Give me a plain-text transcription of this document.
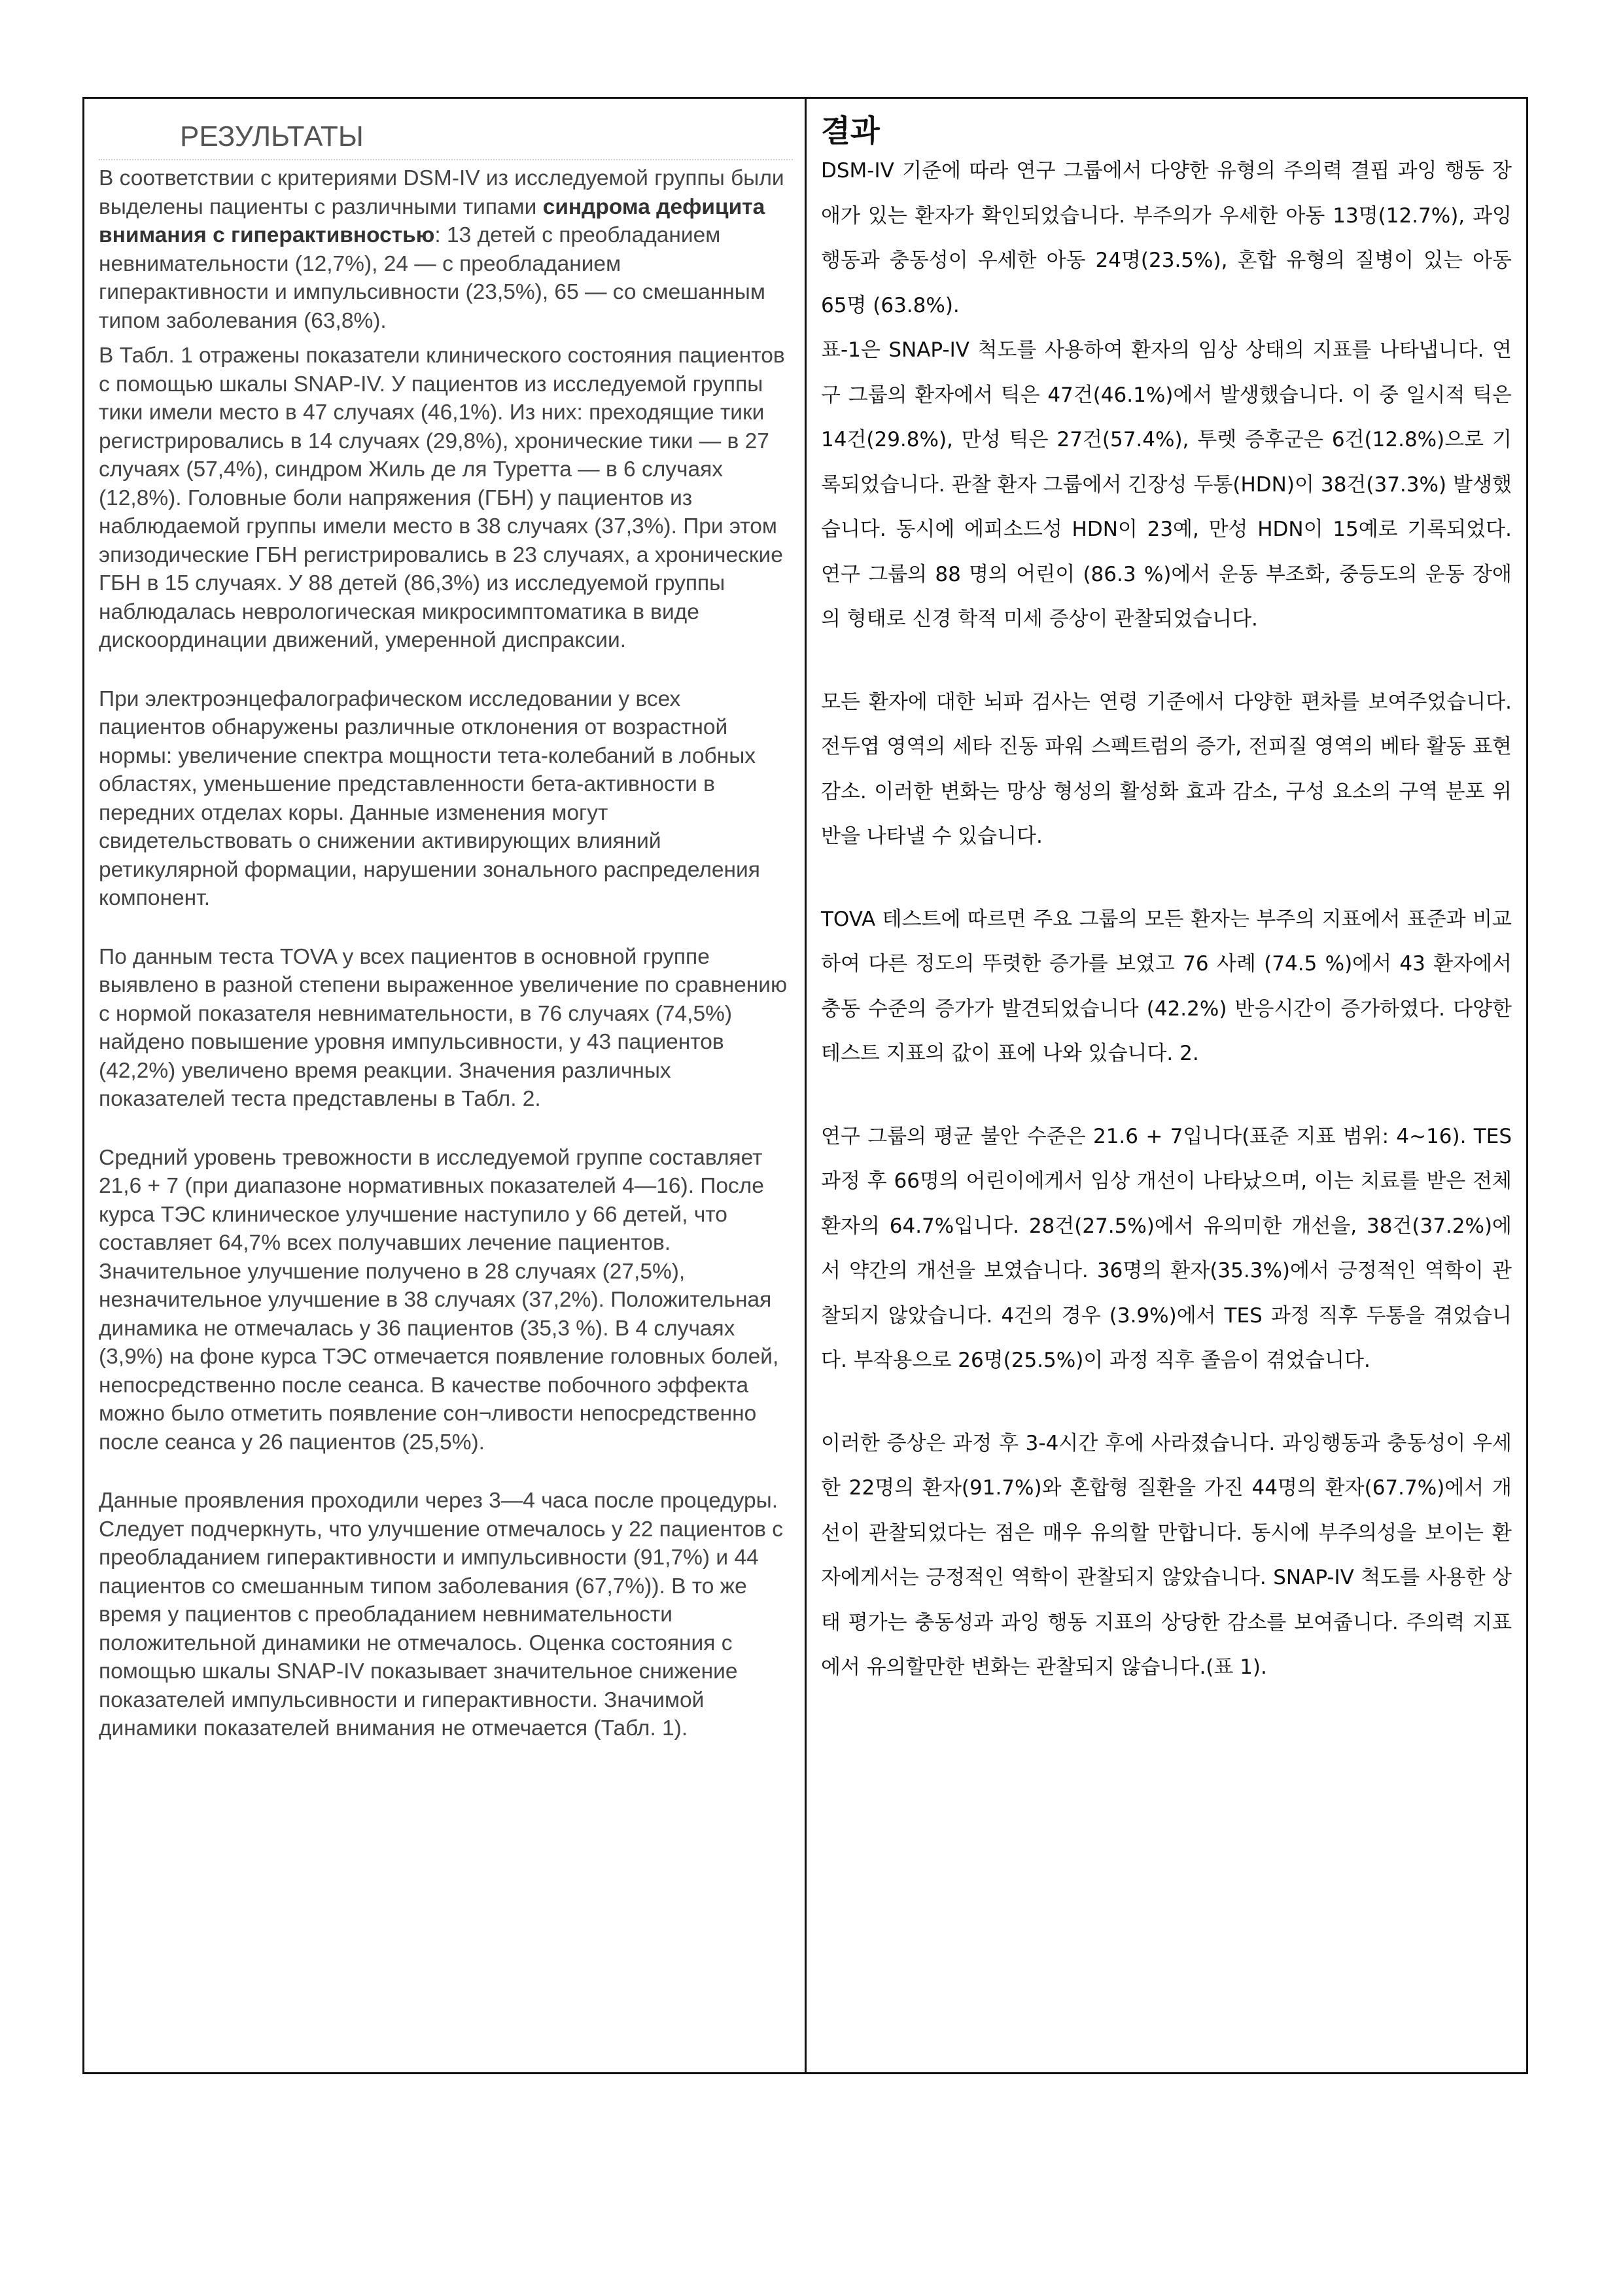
РЕЗУЛЬТАТЫ

В соответствии с критериями DSM-IV из исследуемой группы были выделены пациенты с различными типами синдрома дефицита внимания с гиперактивностью: 13 детей с преобладанием невнимательности (12,7%), 24 — с преобладанием гиперактивности и импульсивности (23,5%), 65 — со смешанным типом заболевания (63,8%).

В Табл. 1 отражены показатели клинического состояния пациентов с помощью шкалы SNAP-IV. У пациентов из исследуемой группы тики имели место в 47 случаях (46,1%). Из них: преходящие тики регистрировались в 14 случаях (29,8%), хронические тики — в 27 случаях (57,4%), синдром Жиль де ля Туретта — в 6 случаях (12,8%). Головные боли напряжения (ГБН) у пациентов из наблюдаемой группы имели место в 38 случаях (37,3%). При этом эпизодические ГБН регистрировались в 23 случаях, а хронические ГБН в 15 случаях. У 88 детей (86,3%) из исследуемой группы наблюдалась неврологическая микросимптоматика в виде дискоординации движений, умеренной диспраксии.

При электроэнцефалографическом исследовании у всех пациентов обнаружены различные отклонения от возрастной нормы: увеличение спектра мощности тета-колебаний в лобных областях, уменьшение представленности бета-активности в передних отделах коры. Данные изменения могут свидетельствовать о снижении активирующих влияний ретикулярной формации, нарушении зонального распределения компонент.

По данным теста TOVA у всех пациентов в основной группе выявлено в разной степени выраженное увеличение по сравнению с нормой показателя невнимательности, в 76 случаях (74,5%) найдено повышение уровня импульсивности, у 43 пациентов (42,2%) увеличено время реакции. Значения различных показателей теста представлены в Табл. 2.

Средний уровень тревожности в исследуемой группе составляет 21,6 + 7 (при диапазоне нормативных показателей 4—16). После курса ТЭС клиническое улучшение наступило у 66 детей, что составляет 64,7% всех получавших лечение пациентов. Значительное улучшение получено в 28 случаях (27,5%), незначительное улучшение в 38 случаях (37,2%). Положительная динамика не отмечалась у 36 пациентов (35,3 %). В 4 случаях (3,9%) на фоне курса ТЭС отмечается появление головных болей, непосредственно после сеанса. В качестве побочного эффекта можно было отметить появление сон¬ливости непосредственно после сеанса у 26 пациентов (25,5%).

Данные проявления проходили через 3—4 часа после процедуры. Следует подчеркнуть, что улучшение отмечалось у 22 пациентов с преобладанием гиперактивности и импульсивности (91,7%) и 44 пациентов со смешанным типом заболевания (67,7%)). В то же время у пациентов с преобладанием невнимательности положительной динамики не отмечалось. Оценка состояния с помощью шкалы SNAP-IV показывает значительное снижение показателей импульсивности и гиперактивности. Значимой динамики показателей внимания не отмечается (Табл. 1).

결과

DSM-IV 기준에 따라 연구 그룹에서 다양한 유형의 주의력 결핍 과잉 행동 장애가 있는 환자가 확인되었습니다. 부주의가 우세한 아동 13명(12.7%), 과잉 행동과 충동성이 우세한 아동 24명(23.5%), 혼합 유형의 질병이 있는 아동 65명 (63.8%).

표-1은 SNAP-IV 척도를 사용하여 환자의 임상 상태의 지표를 나타냅니다. 연구 그룹의 환자에서 틱은 47건(46.1%)에서 발생했습니다. 이 중 일시적 틱은 14건(29.8%), 만성 틱은 27건(57.4%), 투렛 증후군은 6건(12.8%)으로 기록되었습니다. 관찰 환자 그룹에서 긴장성 두통(HDN)이 38건(37.3%) 발생했습니다. 동시에 에피소드성 HDN이 23예, 만성 HDN이 15예로 기록되었다. 연구 그룹의 88 명의 어린이 (86.3 %)에서 운동 부조화, 중등도의 운동 장애의 형태로 신경 학적 미세 증상이 관찰되었습니다.

모든 환자에 대한 뇌파 검사는 연령 기준에서 다양한 편차를 보여주었습니다. 전두엽 영역의 세타 진동 파워 스펙트럼의 증가, 전피질 영역의 베타 활동 표현 감소. 이러한 변화는 망상 형성의 활성화 효과 감소, 구성 요소의 구역 분포 위반을 나타낼 수 있습니다.

TOVA 테스트에 따르면 주요 그룹의 모든 환자는 부주의 지표에서 표준과 비교하여 다른 정도의 뚜렷한 증가를 보였고 76 사례 (74.5 %)에서 43 환자에서 충동 수준의 증가가 발견되었습니다 (42.2%) 반응시간이 증가하였다. 다양한 테스트 지표의 값이 표에 나와 있습니다. 2.

연구 그룹의 평균 불안 수준은 21.6 + 7입니다(표준 지표 범위: 4~16). TES 과정 후 66명의 어린이에게서 임상 개선이 나타났으며, 이는 치료를 받은 전체 환자의 64.7%입니다. 28건(27.5%)에서 유의미한 개선을, 38건(37.2%)에서 약간의 개선을 보였습니다. 36명의 환자(35.3%)에서 긍정적인 역학이 관찰되지 않았습니다. 4건의 경우 (3.9%)에서 TES 과정 직후 두통을 겪었습니다. 부작용으로 26명(25.5%)이 과정 직후 졸음이 겪었습니다.

이러한 증상은 과정 후 3-4시간 후에 사라졌습니다. 과잉행동과 충동성이 우세한 22명의 환자(91.7%)와 혼합형 질환을 가진 44명의 환자(67.7%)에서 개선이 관찰되었다는 점은 매우 유의할 만합니다. 동시에 부주의성을 보이는 환자에게서는 긍정적인 역학이 관찰되지 않았습니다. SNAP-IV 척도를 사용한 상태 평가는 충동성과 과잉 행동 지표의 상당한 감소를 보여줍니다. 주의력 지표에서 유의할만한 변화는 관찰되지 않습니다.(표 1).
